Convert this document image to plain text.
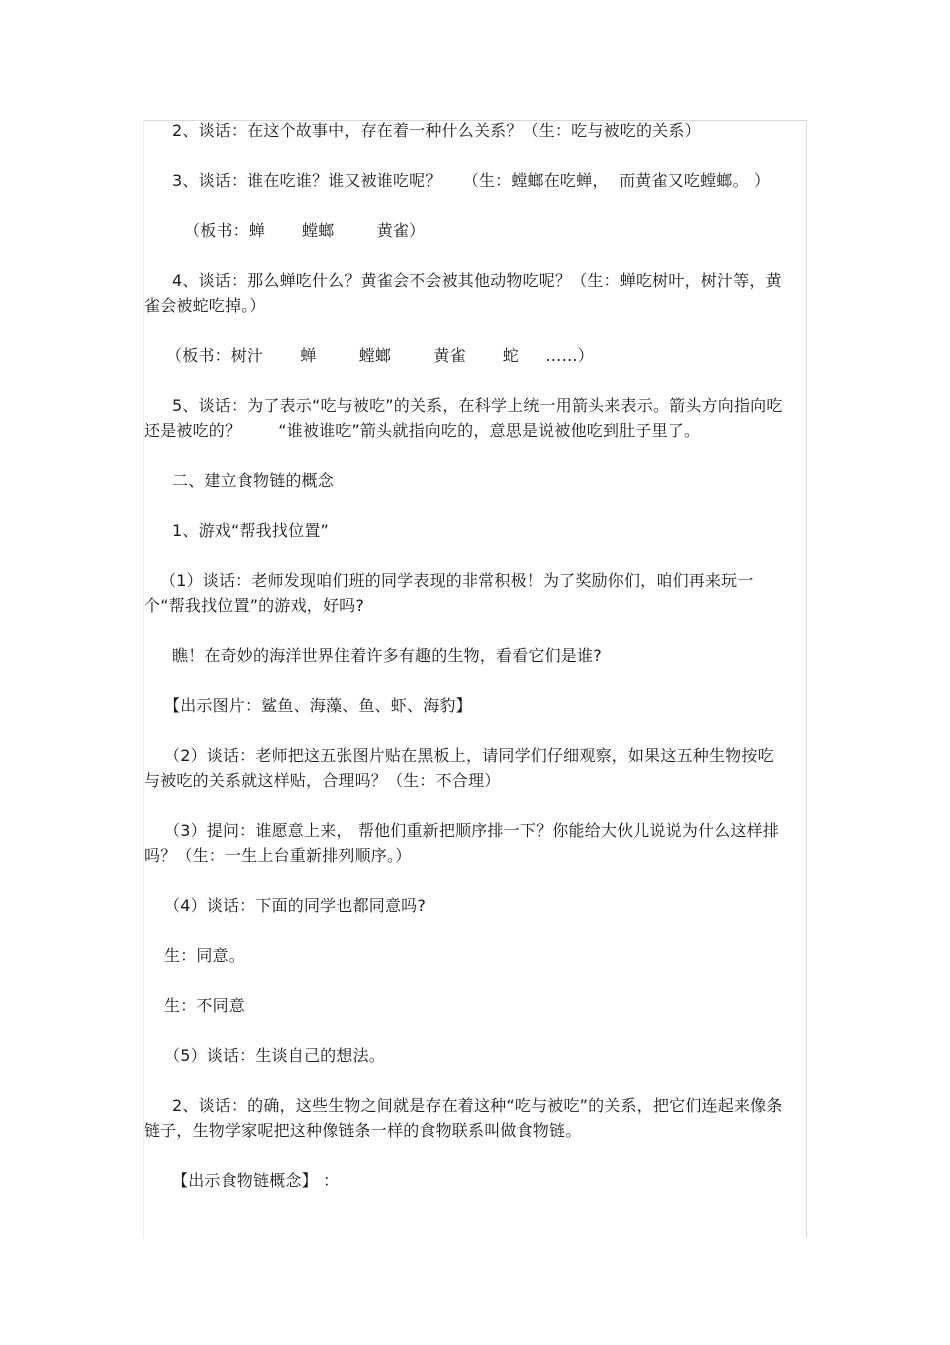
2、谈话：在这个故事中，存在着一种什么关系？（生：吃与被吃的关系）

3、谈话：谁在吃谁？谁又被谁吃呢？    （生：螳螂在吃蝉，  而黄雀又吃螳螂。 ）

（板书：蝉       螳螂        黄雀）

4、谈话：那么蝉吃什么？黄雀会不会被其他动物吃呢？（生：蝉吃树叶，树汁等，黄雀会被蛇吃掉。）

（板书：树汁       蝉        螳螂        黄雀       蛇     ……）

5、谈话：为了表示“吃与被吃”的关系，在科学上统一用箭头来表示。箭头方向指向吃还是被吃的？       “谁被谁吃”箭头就指向吃的，意思是说被他吃到肚子里了。

二、建立食物链的概念

1、游戏“帮我找位置”

（1）谈话：老师发现咱们班的同学表现的非常积极！为了奖励你们，咱们再来玩一个“帮我找位置”的游戏，好吗?

瞧！在奇妙的海洋世界住着许多有趣的生物，看看它们是谁?

【出示图片：鲨鱼、海藻、鱼、虾、海豹】

（2）谈话：老师把这五张图片贴在黑板上，请同学们仔细观察，如果这五种生物按吃与被吃的关系就这样贴，合理吗？（生：不合理）

（3）提问：谁愿意上来， 帮他们重新把顺序排一下？你能给大伙儿说说为什么这样排吗？（生：一生上台重新排列顺序。）

（4）谈话：下面的同学也都同意吗?

生：同意。

生：不同意

（5）谈话：生谈自己的想法。

2、谈话：的确，这些生物之间就是存在着这种“吃与被吃”的关系，把它们连起来像条链子，生物学家呢把这种像链条一样的食物联系叫做食物链。

【出示食物链概念】 ：
